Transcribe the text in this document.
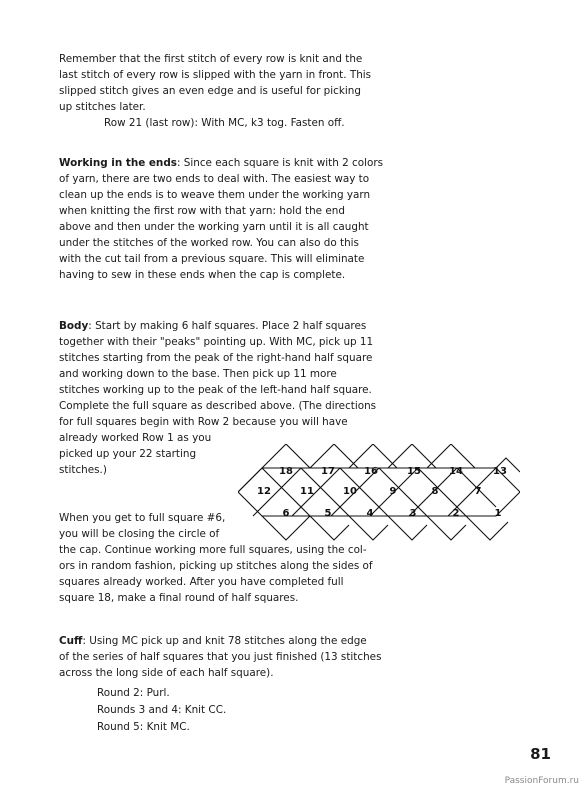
Remember that the first stitch of every row is knit and the
last stitch of every row is slipped with the yarn in front. This
slipped stitch gives an even edge and is useful for picking
up stitches later.

Row 21 (last row): With MC, k3 tog. Fasten off.

Working in the ends: Since each square is knit with 2 colors
of yarn, there are two ends to deal with. The easiest way to
clean up the ends is to weave them under the working yarn
when knitting the first row with that yarn: hold the end
above and then under the working yarn until it is all caught
under the stitches of the worked row. You can also do this
with the cut tail from a previous square. This will eliminate
having to sew in these ends when the cap is complete.

Body: Start by making 6 half squares. Place 2 half squares
together with their "peaks" pointing up. With MC, pick up 11
stitches starting from the peak of the right-hand half square
and working down to the base. Then pick up 11 more
stitches working up to the peak of the left-hand half square.
Complete the full square as described above. (The directions
for full squares begin with Row 2 because you will have
already worked Row 1 as you
picked up your 22 starting
stitches.)

When you get to full square #6,
you will be closing the circle of
the cap. Continue working more full squares, using the col-
ors in random fashion, picking up stitches along the sides of
squares already worked. After you have completed full
square 18, make a final round of half squares.

18	17	16	15	14	13
12	11	10	9	8	7
6	5	4	3	2	1

Cuff: Using MC pick up and knit 78 stitches along the edge
of the series of half squares that you just finished (13 stitches
across the long side of each half square).

Round 2: Purl.

Rounds 3 and 4: Knit CC.

Round 5: Knit MC.

81
PassionForum.ru
